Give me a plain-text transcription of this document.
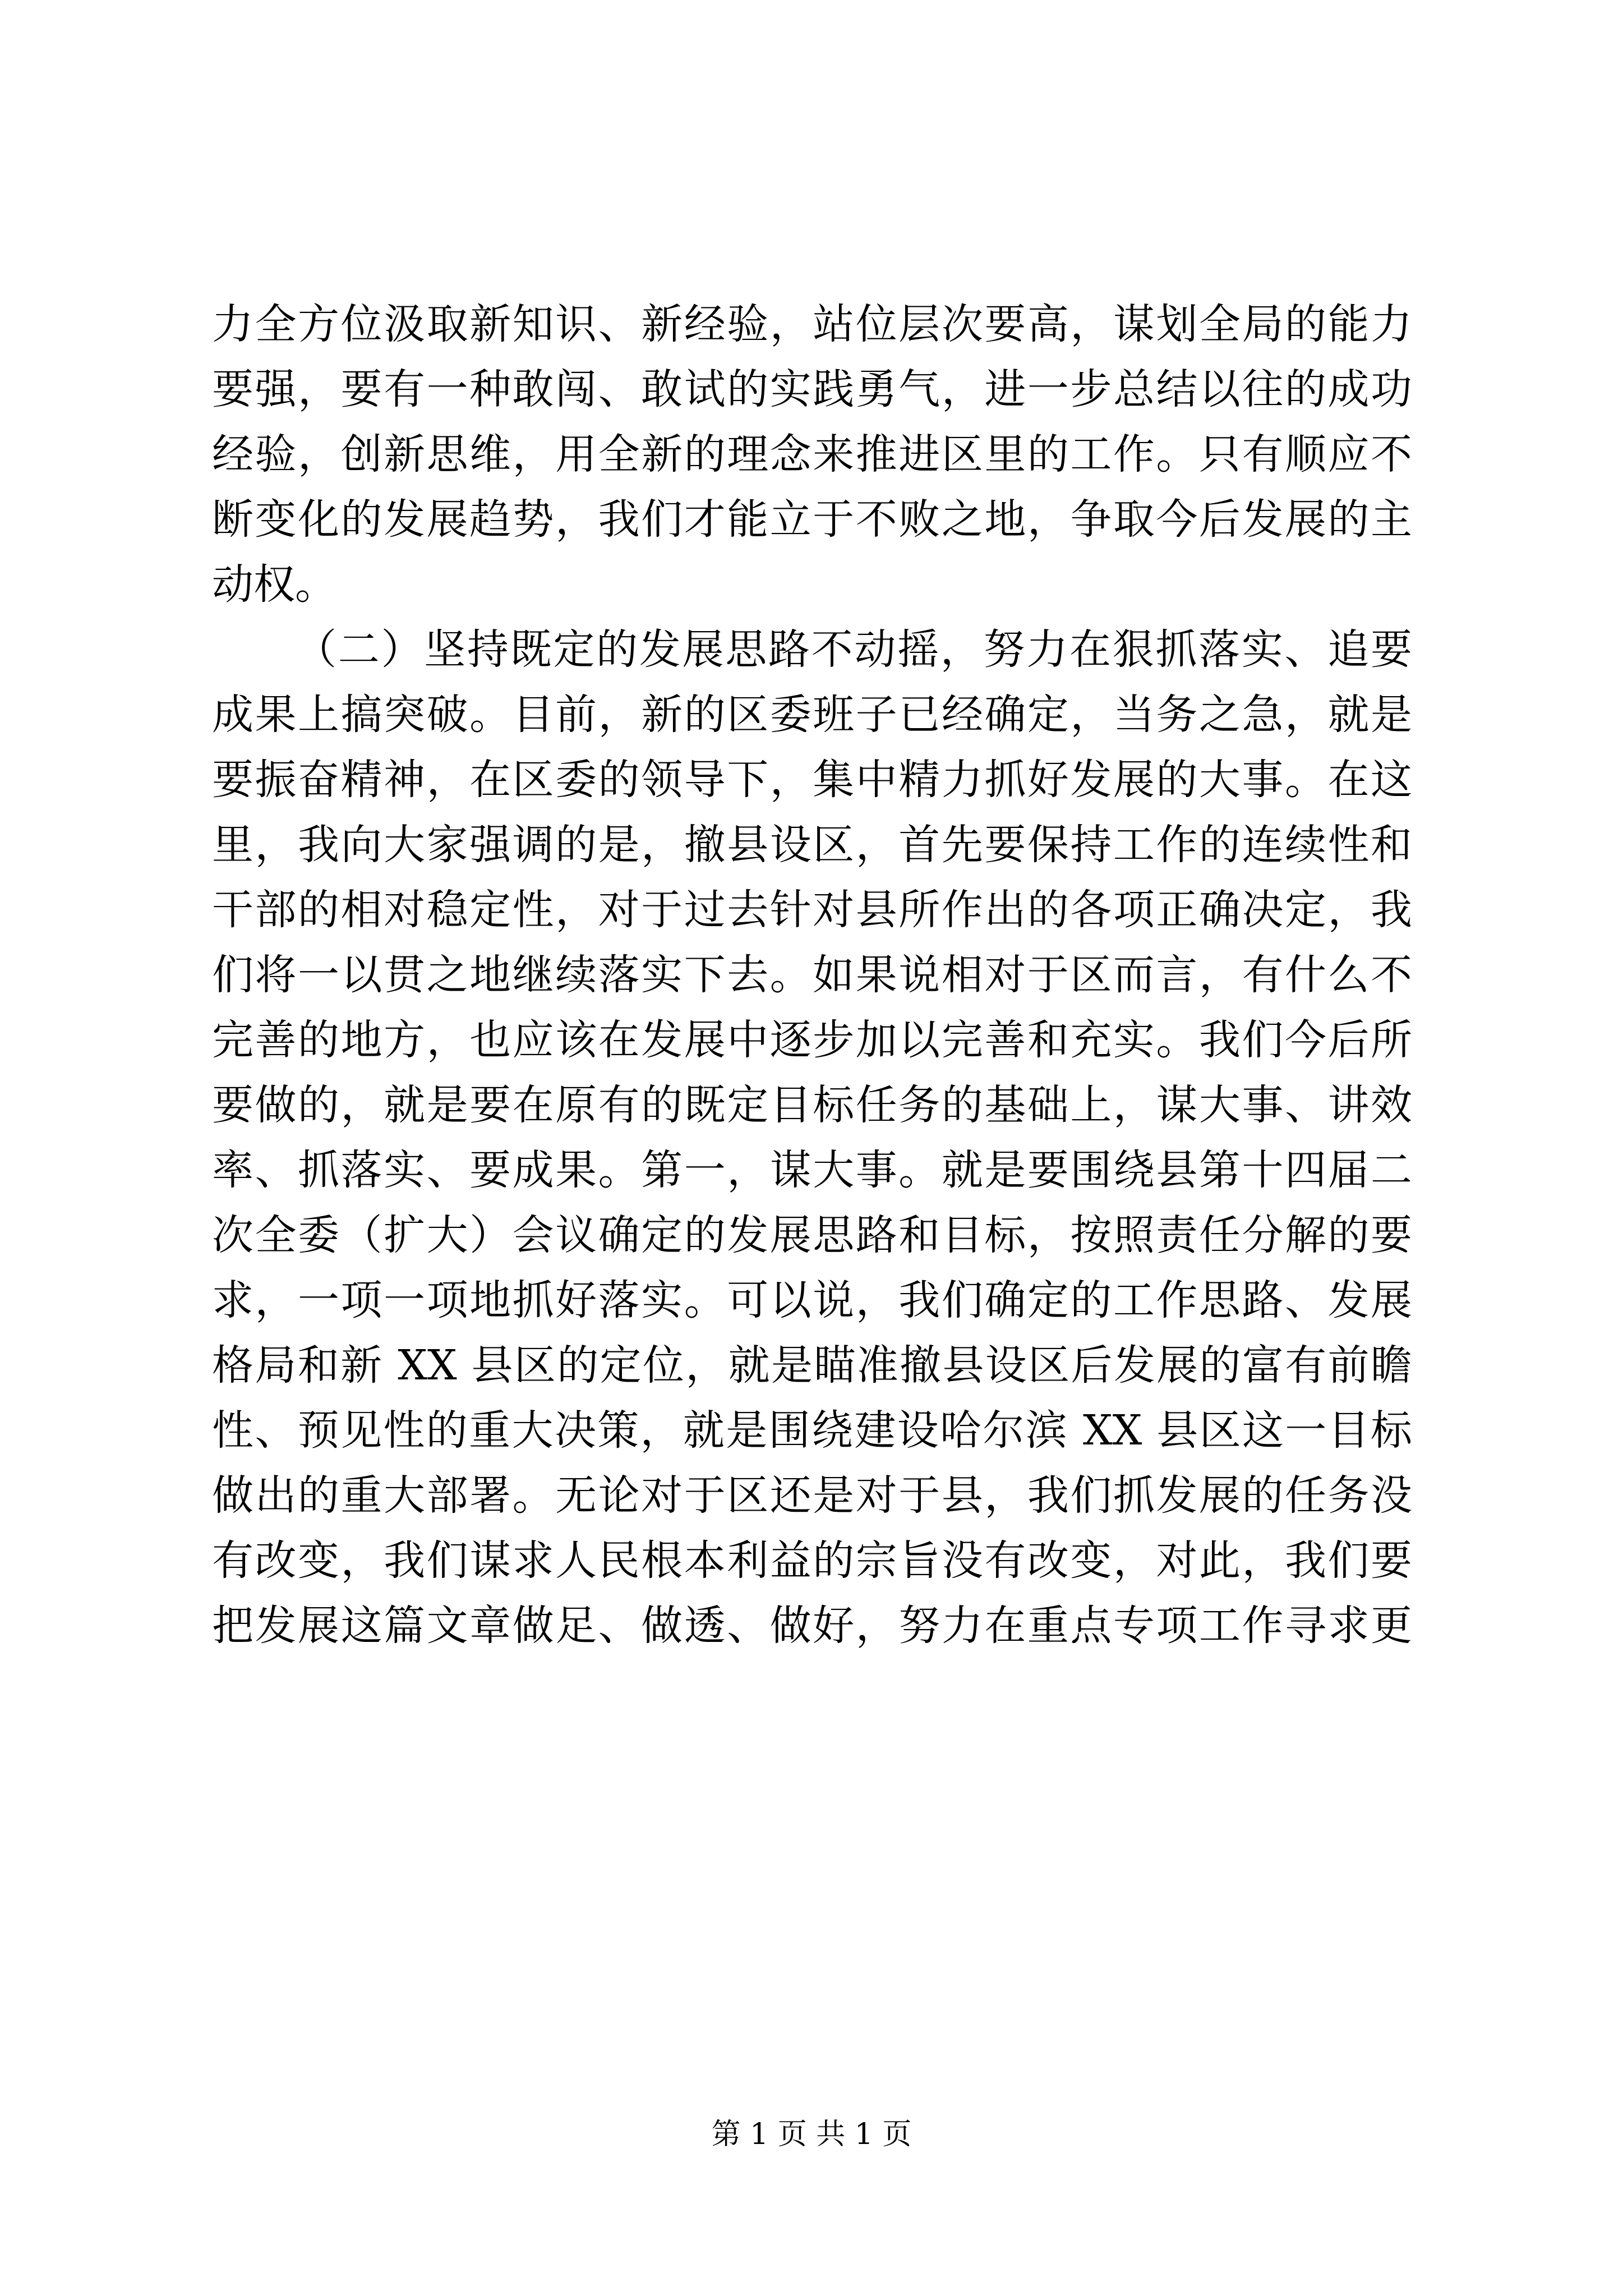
力全方位汲取新知识、新经验，站位层次要高，谋划全局的能力
要强，要有一种敢闯、敢试的实践勇气，进一步总结以往的成功
经验，创新思维，用全新的理念来推进区里的工作。只有顺应不
断变化的发展趋势，我们才能立于不败之地，争取今后发展的主
动权。
（二）坚持既定的发展思路不动摇，努力在狠抓落实、追要
成果上搞突破。目前，新的区委班子已经确定，当务之急，就是
要振奋精神，在区委的领导下，集中精力抓好发展的大事。在这
里，我向大家强调的是，撤县设区，首先要保持工作的连续性和
干部的相对稳定性，对于过去针对县所作出的各项正确决定，我
们将一以贯之地继续落实下去。如果说相对于区而言，有什么不
完善的地方，也应该在发展中逐步加以完善和充实。我们今后所
要做的，就是要在原有的既定目标任务的基础上，谋大事、讲效
率、抓落实、要成果。第一，谋大事。就是要围绕县第十四届二
次全委（扩大）会议确定的发展思路和目标，按照责任分解的要
求，一项一项地抓好落实。可以说，我们确定的工作思路、发展
格局和新 XX 县区的定位，就是瞄准撤县设区后发展的富有前瞻
性、预见性的重大决策，就是围绕建设哈尔滨 XX 县区这一目标
做出的重大部署。无论对于区还是对于县，我们抓发展的任务没
有改变，我们谋求人民根本利益的宗旨没有改变，对此，我们要
把发展这篇文章做足、做透、做好，努力在重点专项工作寻求更
第 1 页 共 1 页
